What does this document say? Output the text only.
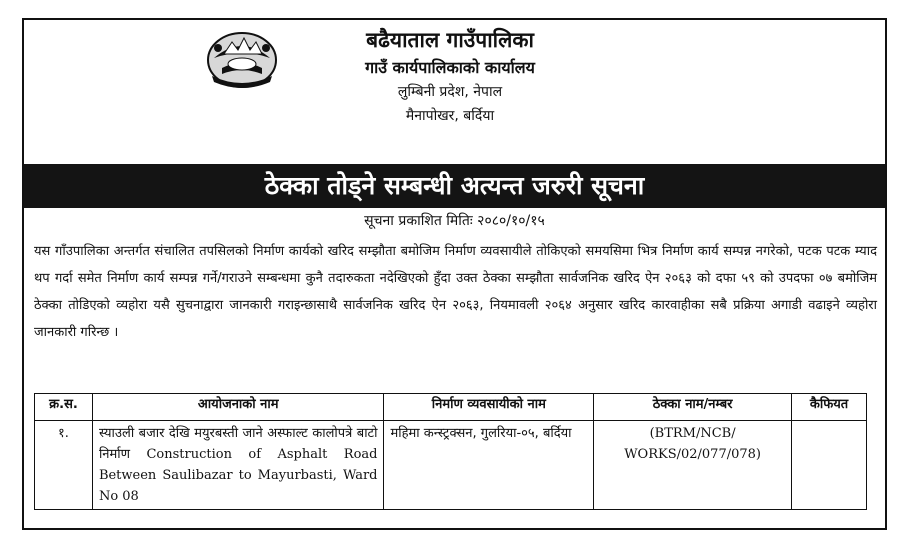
बढैयाताल गाउँपालिका
गाउँ कार्यपालिकाको कार्यालय
लुम्बिनी प्रदेश, नेपाल
मैनापोखर, बर्दिया
ठेक्का तोड्ने सम्बन्धी अत्यन्त जरुरी सूचना
सूचना प्रकाशित मितिः २०८०/१०/१५
यस गाँउपालिका अन्तर्गत संचालित तपसिलको निर्माण कार्यको खरिद सम्झौता बमोजिम निर्माण व्यवसायीले तोकिएको समयसिमा भित्र निर्माण कार्य सम्पन्न नगरेको, पटक पटक म्याद थप गर्दा समेत निर्माण कार्य सम्पन्न गर्ने/गराउने सम्बन्धमा कुनै तदारुकता नदेखिएको हुँदा उक्त ठेक्का सम्झौता सार्वजनिक खरिद ऐन २०६३ को दफा ५९ को उपदफा ०७ बमोजिम ठेक्का तोडिएको व्यहोरा यसै सुचनाद्वारा जानकारी गराइन्छासाथै सार्वजनिक खरिद ऐन २०६३, नियमावली २०६४ अनुसार खरिद कारवाहीका सबै प्रक्रिया अगाडी वढाइने व्यहोरा जानकारी गरिन्छ ।
क्र.स.	आयोजनाको नाम	निर्माण व्यवसायीको नाम	ठेक्का नाम/नम्बर	कैफियत
१.	स्याउली बजार देखि मयुरबस्ती जाने अस्फाल्ट कालोपत्रे बाटो निर्माण Construction of Asphalt Road Between Saulibazar to Mayurbasti, Ward No 08	महिमा कन्स्ट्रक्सन, गुलरिया-०५, बर्दिया	(BTRM/NCB/ WORKS/02/077/078)	
